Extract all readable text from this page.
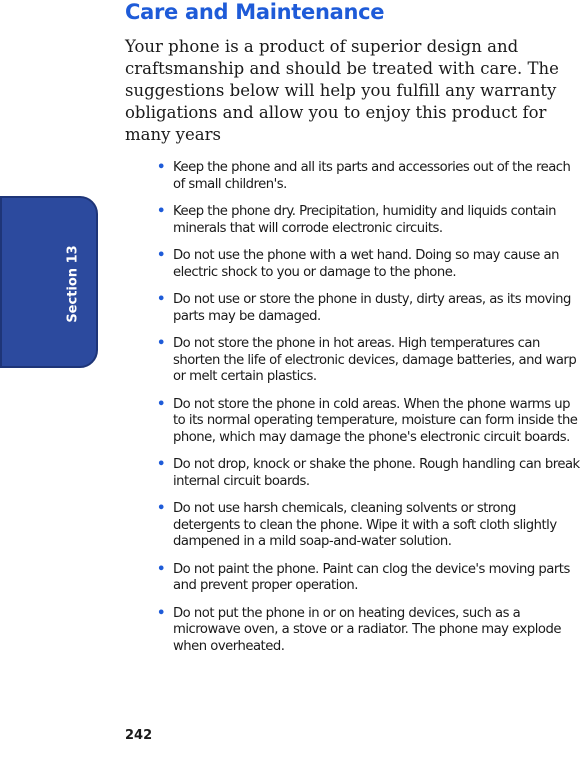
Section 13
Care and Maintenance

Your phone is a product of superior design and craftsmanship and should be treated with care. The suggestions below will help you fulfill any warranty obligations and allow you to enjoy this product for many years

• Keep the phone and all its parts and accessories out of the reach of small children's.
• Keep the phone dry. Precipitation, humidity and liquids contain minerals that will corrode electronic circuits.
• Do not use the phone with a wet hand. Doing so may cause an electric shock to you or damage to the phone.
• Do not use or store the phone in dusty, dirty areas, as its moving parts may be damaged.
• Do not store the phone in hot areas. High temperatures can shorten the life of electronic devices, damage batteries, and warp or melt certain plastics.
• Do not store the phone in cold areas. When the phone warms up to its normal operating temperature, moisture can form inside the phone, which may damage the phone's electronic circuit boards.
• Do not drop, knock or shake the phone. Rough handling can break internal circuit boards.
• Do not use harsh chemicals, cleaning solvents or strong detergents to clean the phone. Wipe it with a soft cloth slightly dampened in a mild soap-and-water solution.
• Do not paint the phone. Paint can clog the device's moving parts and prevent proper operation.
• Do not put the phone in or on heating devices, such as a microwave oven, a stove or a radiator. The phone may explode when overheated.
242
